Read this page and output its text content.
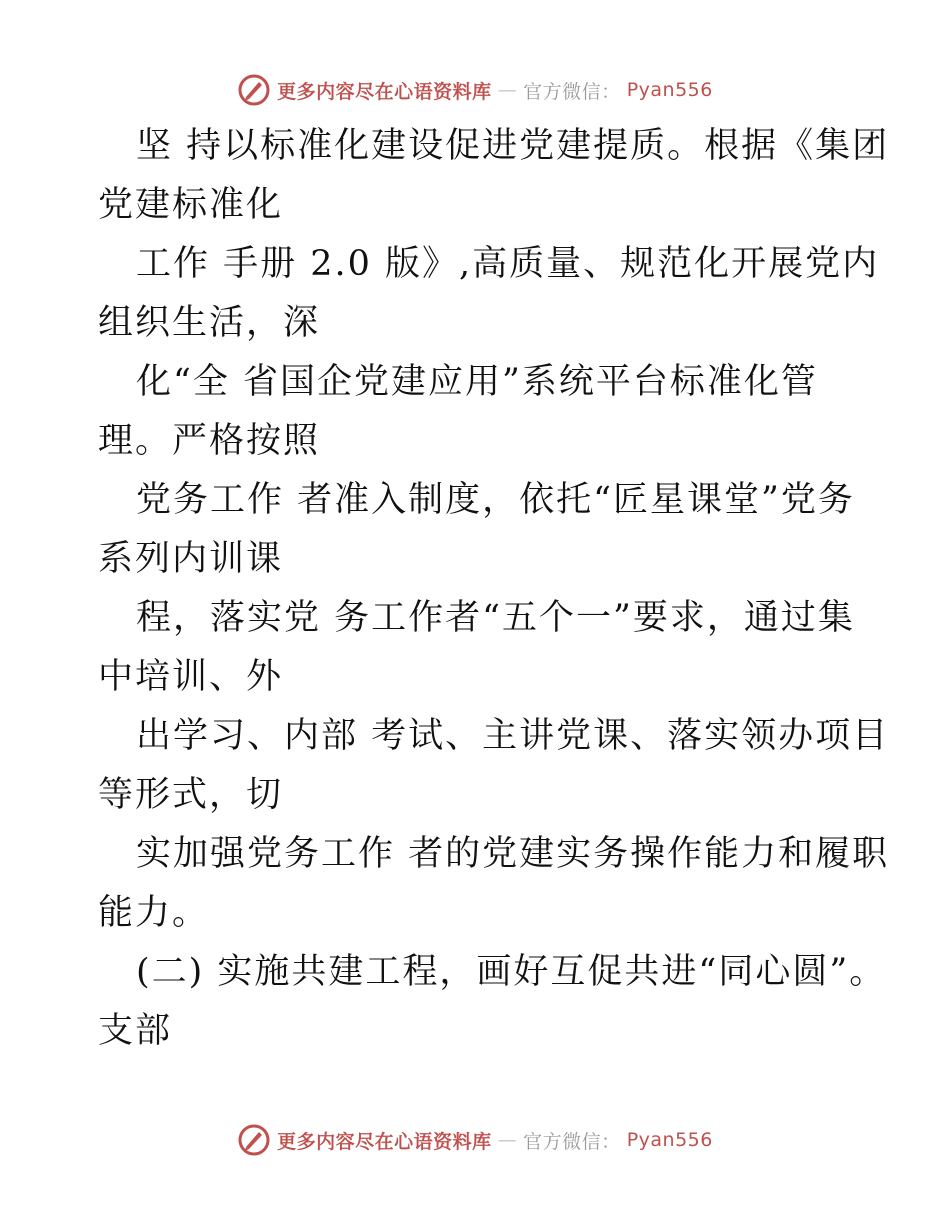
更多内容尽在心语资料库 — 官方微信： Pyan556
坚 持以标准化建设促进党建提质。根据《集团
党建标准化
工作 手册 2.0 版》,高质量、规范化开展党内
组织生活，深
化“全 省国企党建应用”系统平台标准化管
理。严格按照
党务工作 者准入制度，依托“匠星课堂”党务
系列内训课
程，落实党 务工作者“五个一”要求，通过集
中培训、外
出学习、内部 考试、主讲党课、落实领办项目
等形式，切
实加强党务工作 者的党建实务操作能力和履职
能力。
(二) 实施共建工程，画好互促共进“同心圆”。
支部
更多内容尽在心语资料库 — 官方微信： Pyan556
